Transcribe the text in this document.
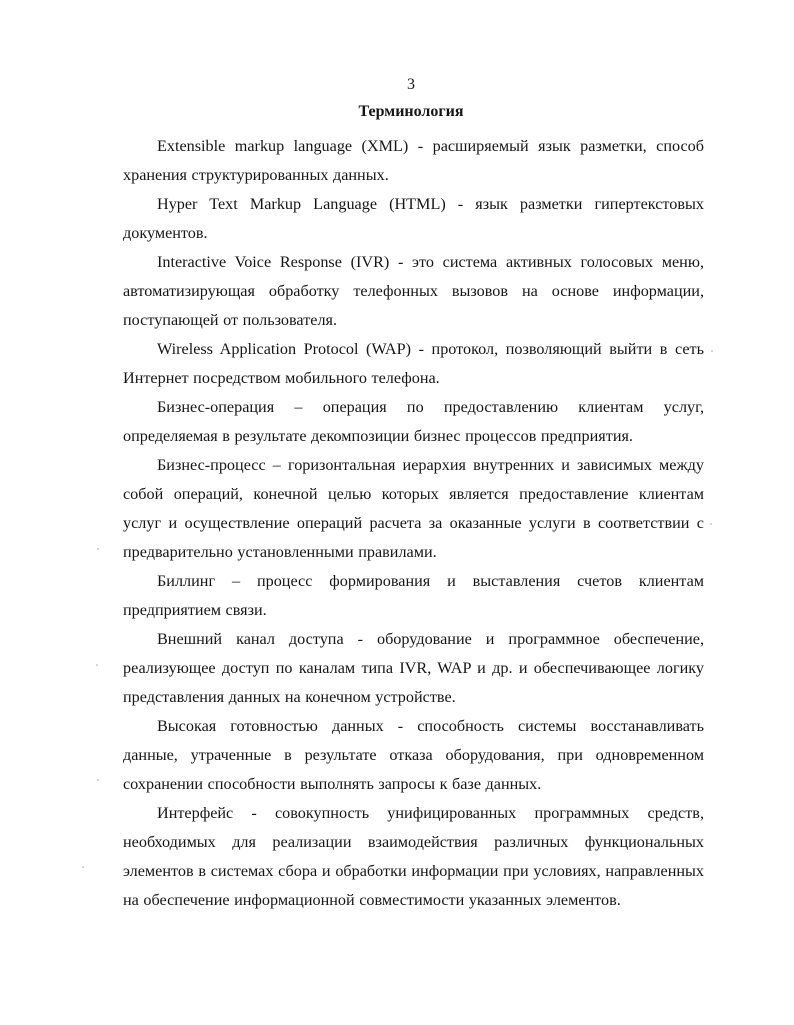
3
Терминология

Extensible markup language (XML) - расширяемый язык разметки, способ хранения структурированных данных.

Hyper Text Markup Language (HTML) - язык разметки гипертекстовых документов.

Interactive Voice Response (IVR) - это система активных голосовых меню, автоматизирующая обработку телефонных вызовов на основе информации, поступающей от пользователя.

Wireless Application Protocol (WAP) - протокол, позволяющий выйти в сеть Интернет посредством мобильного телефона.

Бизнес-операция – операция по предоставлению клиентам услуг, определяемая в результате декомпозиции бизнес процессов предприятия.

Бизнес-процесс – горизонтальная иерархия внутренних и зависимых между собой операций, конечной целью которых является предоставление клиентам услуг и осуществление операций расчета за оказанные услуги в соответствии с предварительно установленными правилами.

Биллинг – процесс формирования и выставления счетов клиентам предприятием связи.

Внешний канал доступа - оборудование и программное обеспечение, реализующее доступ по каналам типа IVR, WAP и др. и обеспечивающее логику представления данных на конечном устройстве.

Высокая готовностью данных - способность системы восстанавливать данные, утраченные в результате отказа оборудования, при одновременном сохранении способности выполнять запросы к базе данных.

Интерфейс - совокупность унифицированных программных средств, необходимых для реализации взаимодействия различных функциональных элементов в системах сбора и обработки информации при условиях, направленных на обеспечение информационной совместимости указанных элементов.
